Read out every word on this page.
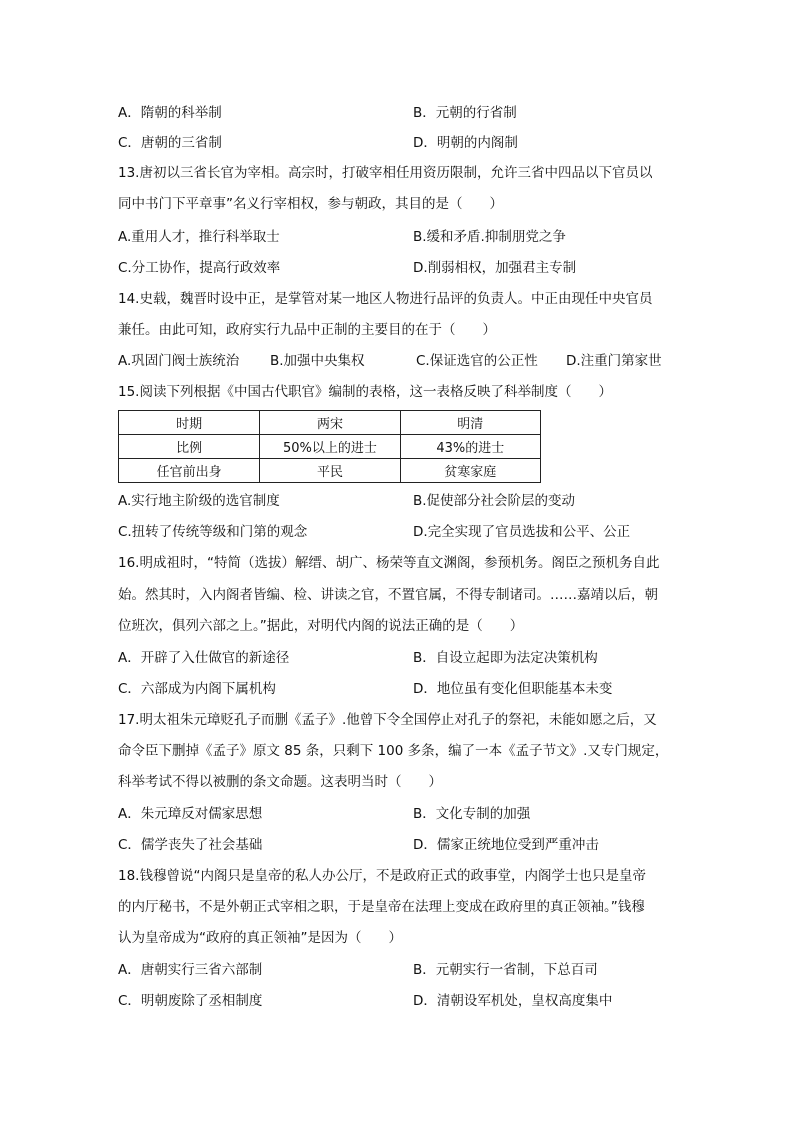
A．隋朝的科举制	B．元朝的行省制
C．唐朝的三省制	D．明朝的内阁制
13.唐初以三省长官为宰相。高宗时，打破宰相任用资历限制，允许三省中四品以下官员以
同中书门下平章事”名义行宰相权，参与朝政，其目的是（　　）
A.重用人才，推行科举取士	B.缓和矛盾.抑制朋党之争
C.分工协作，提高行政效率	D.削弱相权，加强君主专制
14.史载，魏晋时设中正，是掌管对某一地区人物进行品评的负责人。中正由现任中央官员
兼任。由此可知，政府实行九品中正制的主要目的在于（　　）
A.巩固门阀士族统治 B.加强中央集权	C.保证选官的公正性 D.注重门第家世
15.阅读下列根据《中国古代职官》编制的表格，这一表格反映了科举制度（　　）
时期	两宋	明清
比例	50%以上的进士	43%的进士
任官前出身	平民	贫寒家庭
A.实行地主阶级的选官制度	B.促使部分社会阶层的变动
C.扭转了传统等级和门第的观念	D.完全实现了官员选拔和公平、公正
16.明成祖时，“特简（选拔）解缙、胡广、杨荣等直文渊阁，参预机务。阁臣之预机务自此
始。然其时，入内阁者皆编、检、讲读之官，不置官属，不得专制诸司。……嘉靖以后，朝
位班次，俱列六部之上。”据此，对明代内阁的说法正确的是（　　）
A．开辟了入仕做官的新途径	B．自设立起即为法定决策机构
C．六部成为内阁下属机构	D．地位虽有变化但职能基本未变
17.明太祖朱元璋贬孔子而删《孟子》.他曾下令全国停止对孔子的祭祀，未能如愿之后，又
命令臣下删掉《孟子》原文 85 条，只剩下 100 多条，编了一本《孟子节文》.又专门规定，
科举考试不得以被删的条文命题。这表明当时（　　）
A．朱元璋反对儒家思想	B．文化专制的加强
C．儒学丧失了社会基础	D．儒家正统地位受到严重冲击
18.钱穆曾说“内阁只是皇帝的私人办公厅，不是政府正式的政事堂，内阁学士也只是皇帝
的内厅秘书，不是外朝正式宰相之职，于是皇帝在法理上变成在政府里的真正领袖。”钱穆
认为皇帝成为“政府的真正领袖”是因为（　　）
A．唐朝实行三省六部制	B．元朝实行一省制，下总百司
C．明朝废除了丞相制度	D．清朝设军机处，皇权高度集中
